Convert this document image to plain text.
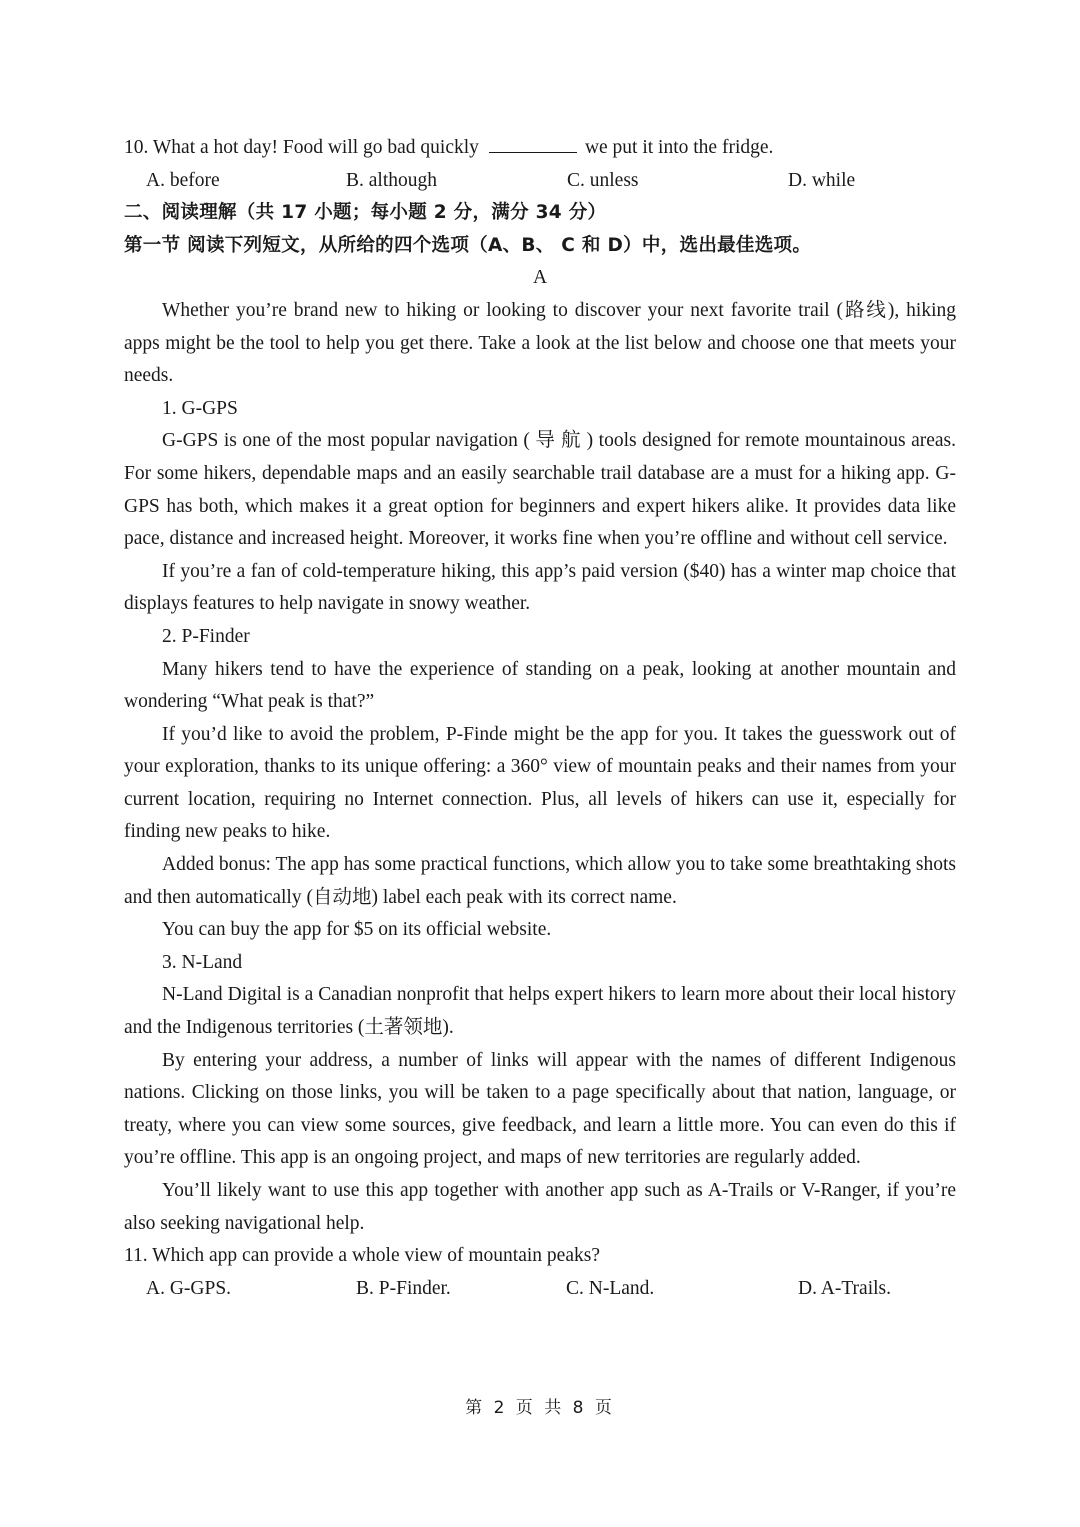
10. What a hot day! Food will go bad quickly	we put it into the fridge.
A. before	B. although	C. unless	D. while
二、阅读理解（共 17 小题；每小题 2 分，满分 34 分）
第一节 阅读下列短文，从所给的四个选项（A、B、 C 和 D）中，选出最佳选项。
A

Whether you’re brand new to hiking or looking to discover your next favorite trail (路线), hiking apps might be the tool to help you get there. Take a look at the list below and choose one that meets your needs.

1. G-GPS

G-GPS is one of the most popular navigation ( 导 航 ) tools designed for remote mountainous areas. For some hikers, dependable maps and an easily searchable trail database are a must for a hiking app. G-GPS has both, which makes it a great option for beginners and expert hikers alike. It provides data like pace, distance and increased height. Moreover, it works fine when you’re offline and without cell service.

If you’re a fan of cold-temperature hiking, this app’s paid version ($40) has a winter map choice that displays features to help navigate in snowy weather.

2. P-Finder

Many hikers tend to have the experience of standing on a peak, looking at another mountain and wondering “What peak is that?”

If you’d like to avoid the problem, P-Finde might be the app for you. It takes the guesswork out of your exploration, thanks to its unique offering: a 360° view of mountain peaks and their names from your current location, requiring no Internet connection. Plus, all levels of hikers can use it, especially for finding new peaks to hike.

Added bonus: The app has some practical functions, which allow you to take some breathtaking shots and then automatically (自动地) label each peak with its correct name.

You can buy the app for $5 on its official website.

3. N-Land

N-Land Digital is a Canadian nonprofit that helps expert hikers to learn more about their local history and the Indigenous territories (土著领地).

By entering your address, a number of links will appear with the names of different Indigenous nations. Clicking on those links, you will be taken to a page specifically about that nation, language, or treaty, where you can view some sources, give feedback, and learn a little more. You can even do this if you’re offline. This app is an ongoing project, and maps of new territories are regularly added.

You’ll likely want to use this app together with another app such as A-Trails or V-Ranger, if you’re also seeking navigational help.

11. Which app can provide a whole view of mountain peaks?
A. G-GPS.	B. P-Finder.	C. N-Land.	D. A-Trails.
第 2 页 共 8 页
